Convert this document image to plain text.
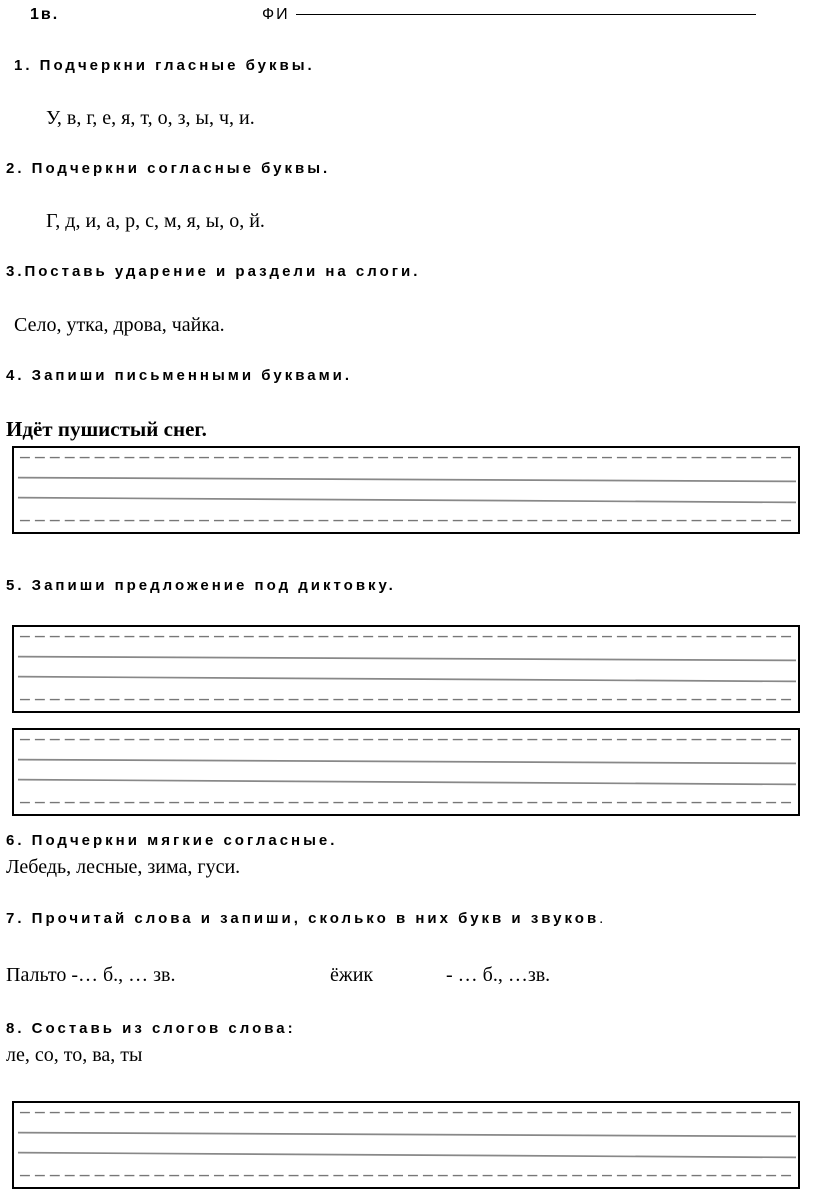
1в.	ФИ
1. Подчеркни гласные буквы.
У, в, г, е, я, т, о, з, ы, ч, и.
2. Подчеркни согласные буквы.
Г, д, и, а, р, с, м, я, ы, о, й.
3.Поставь ударение и раздели на слоги.
Село, утка, дрова, чайка.
4. Запиши письменными буквами.
Идёт пушистый снег.
5. Запиши предложение под диктовку.
6. Подчеркни мягкие согласные.
Лебедь, лесные, зима, гуси.
7. Прочитай слова и запиши, сколько в них букв и звуков.
Пальто -… б., … зв.	ёжик	- … б., …зв.
8. Составь из слогов слова:
ле, со, то, ва, ты
